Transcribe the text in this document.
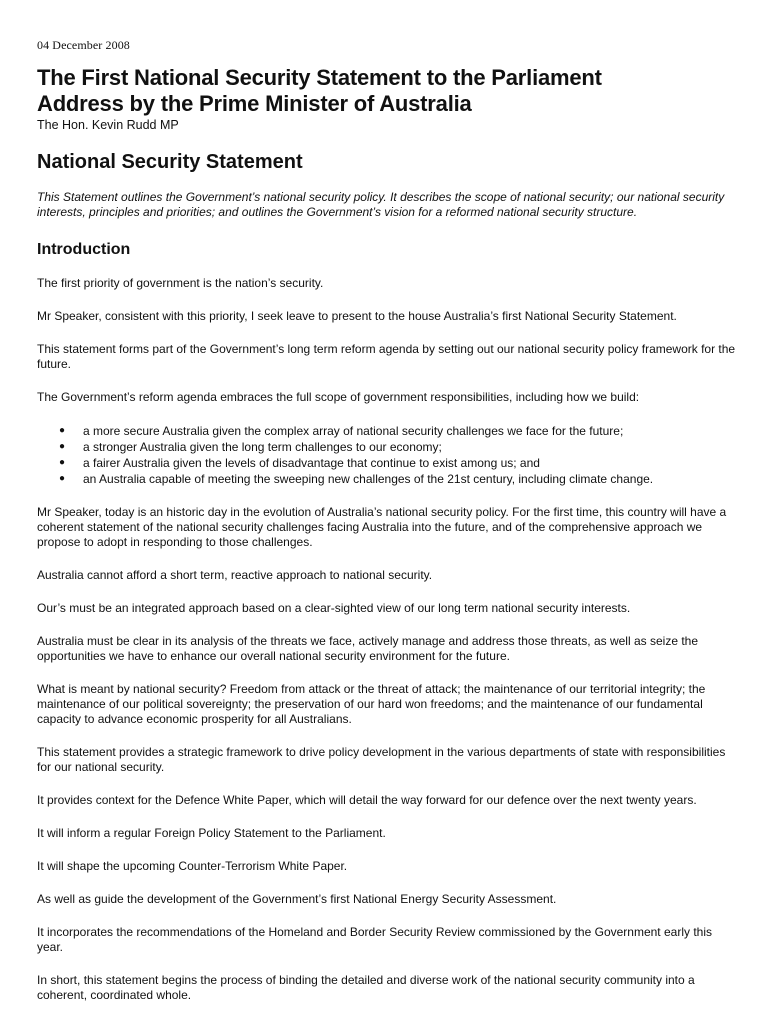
04 December 2008
The First National Security Statement to the Parliament
Address by the Prime Minister of Australia
The Hon. Kevin Rudd MP
National Security Statement

This Statement outlines the Government’s national security policy. It describes the scope of national security; our national security interests, principles and priorities; and outlines the Government’s vision for a reformed national security structure.

Introduction

The first priority of government is the nation’s security.

Mr Speaker, consistent with this priority, I seek leave to present to the house Australia’s first National Security Statement.

This statement forms part of the Government’s long term reform agenda by setting out our national security policy framework for the future.

The Government’s reform agenda embraces the full scope of government responsibilities, including how we build:

● a more secure Australia given the complex array of national security challenges we face for the future;
● a stronger Australia given the long term challenges to our economy;
● a fairer Australia given the levels of disadvantage that continue to exist among us; and
● an Australia capable of meeting the sweeping new challenges of the 21st century, including climate change.

Mr Speaker, today is an historic day in the evolution of Australia’s national security policy. For the first time, this country will have a coherent statement of the national security challenges facing Australia into the future, and of the comprehensive approach we propose to adopt in responding to those challenges.

Australia cannot afford a short term, reactive approach to national security.

Our’s must be an integrated approach based on a clear-sighted view of our long term national security interests.

Australia must be clear in its analysis of the threats we face, actively manage and address those threats, as well as seize the opportunities we have to enhance our overall national security environment for the future.

What is meant by national security? Freedom from attack or the threat of attack; the maintenance of our territorial integrity; the maintenance of our political sovereignty; the preservation of our hard won freedoms; and the maintenance of our fundamental capacity to advance economic prosperity for all Australians.

This statement provides a strategic framework to drive policy development in the various departments of state with responsibilities for our national security.

It provides context for the Defence White Paper, which will detail the way forward for our defence over the next twenty years.

It will inform a regular Foreign Policy Statement to the Parliament.

It will shape the upcoming Counter-Terrorism White Paper.

As well as guide the development of the Government’s first National Energy Security Assessment.

It incorporates the recommendations of the Homeland and Border Security Review commissioned by the Government early this year.

In short, this statement begins the process of binding the detailed and diverse work of the national security community into a coherent, coordinated whole.
